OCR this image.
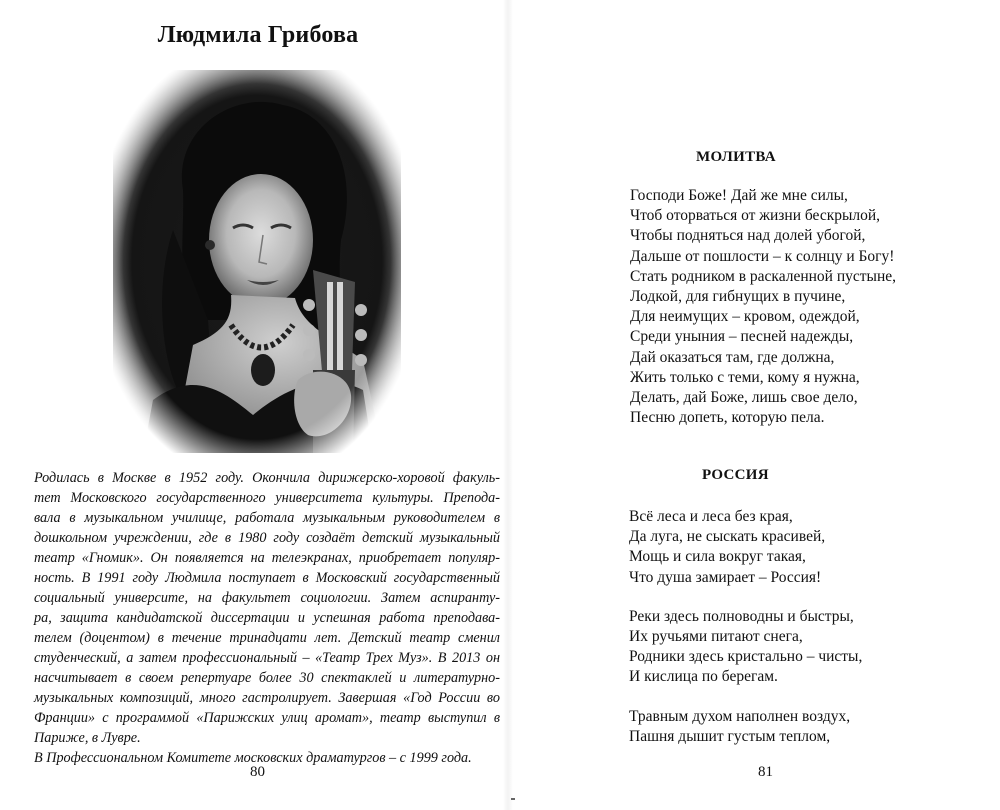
Людмила Грибова

Родилась в Москве в 1952 году. Окончила дирижерско-хоровой факуль-
тет Московского государственного университета культуры. Препода-
вала в музыкальном училище, работала музыкальным руководителем в
дошкольном учреждении, где в 1980 году создаёт детский музыкальный
театр «Гномик». Он появляется на телеэкранах, приобретает популяр-
ность. В 1991 году Людмила поступает в Московский государственный
социальный университе, на факультет социологии. Затем аспиранту-
ра, защита кандидатской диссертации и успешная работа преподава-
телем (доцентом) в течение тринадцати лет. Детский театр сменил
студенческий, а затем профессиональный – «Театр Трех Муз». В 2013 он
насчитывает в своем репертуаре более 30 спектаклей и литературно-
музыкальных композиций, много гастролирует. Завершая «Год России во
Франции» с программой «Парижских улиц аромат», театр выступил в
Париже, в Лувре.

В Профессиональном Комитете московских драматургов – с 1999 года.

80

МОЛИТВА
Господи Боже! Дай же мне силы,
Чтоб оторваться от жизни бескрылой,
Чтобы подняться над долей убогой,
Дальше от пошлости – к солнцу и Богу!
Стать родником в раскаленной пустыне,
Лодкой, для гибнущих в пучине,
Для неимущих – кровом, одеждой,
Среди уныния – песней надежды,
Дай оказаться там, где должна,
Жить только с теми, кому я нужна,
Делать, дай Боже, лишь свое дело,
Песню допеть, которую пела.
РОССИЯ
Всё леса и леса без края,
Да луга, не сыскать красивей,
Мощь и сила вокруг такая,
Что душа замирает – Россия!
Реки здесь полноводны и быстры,
Их ручьями питают снега,
Родники здесь кристально – чисты,
И кислица по берегам.
Травным духом наполнен воздух,
Пашня дышит густым теплом,

81
